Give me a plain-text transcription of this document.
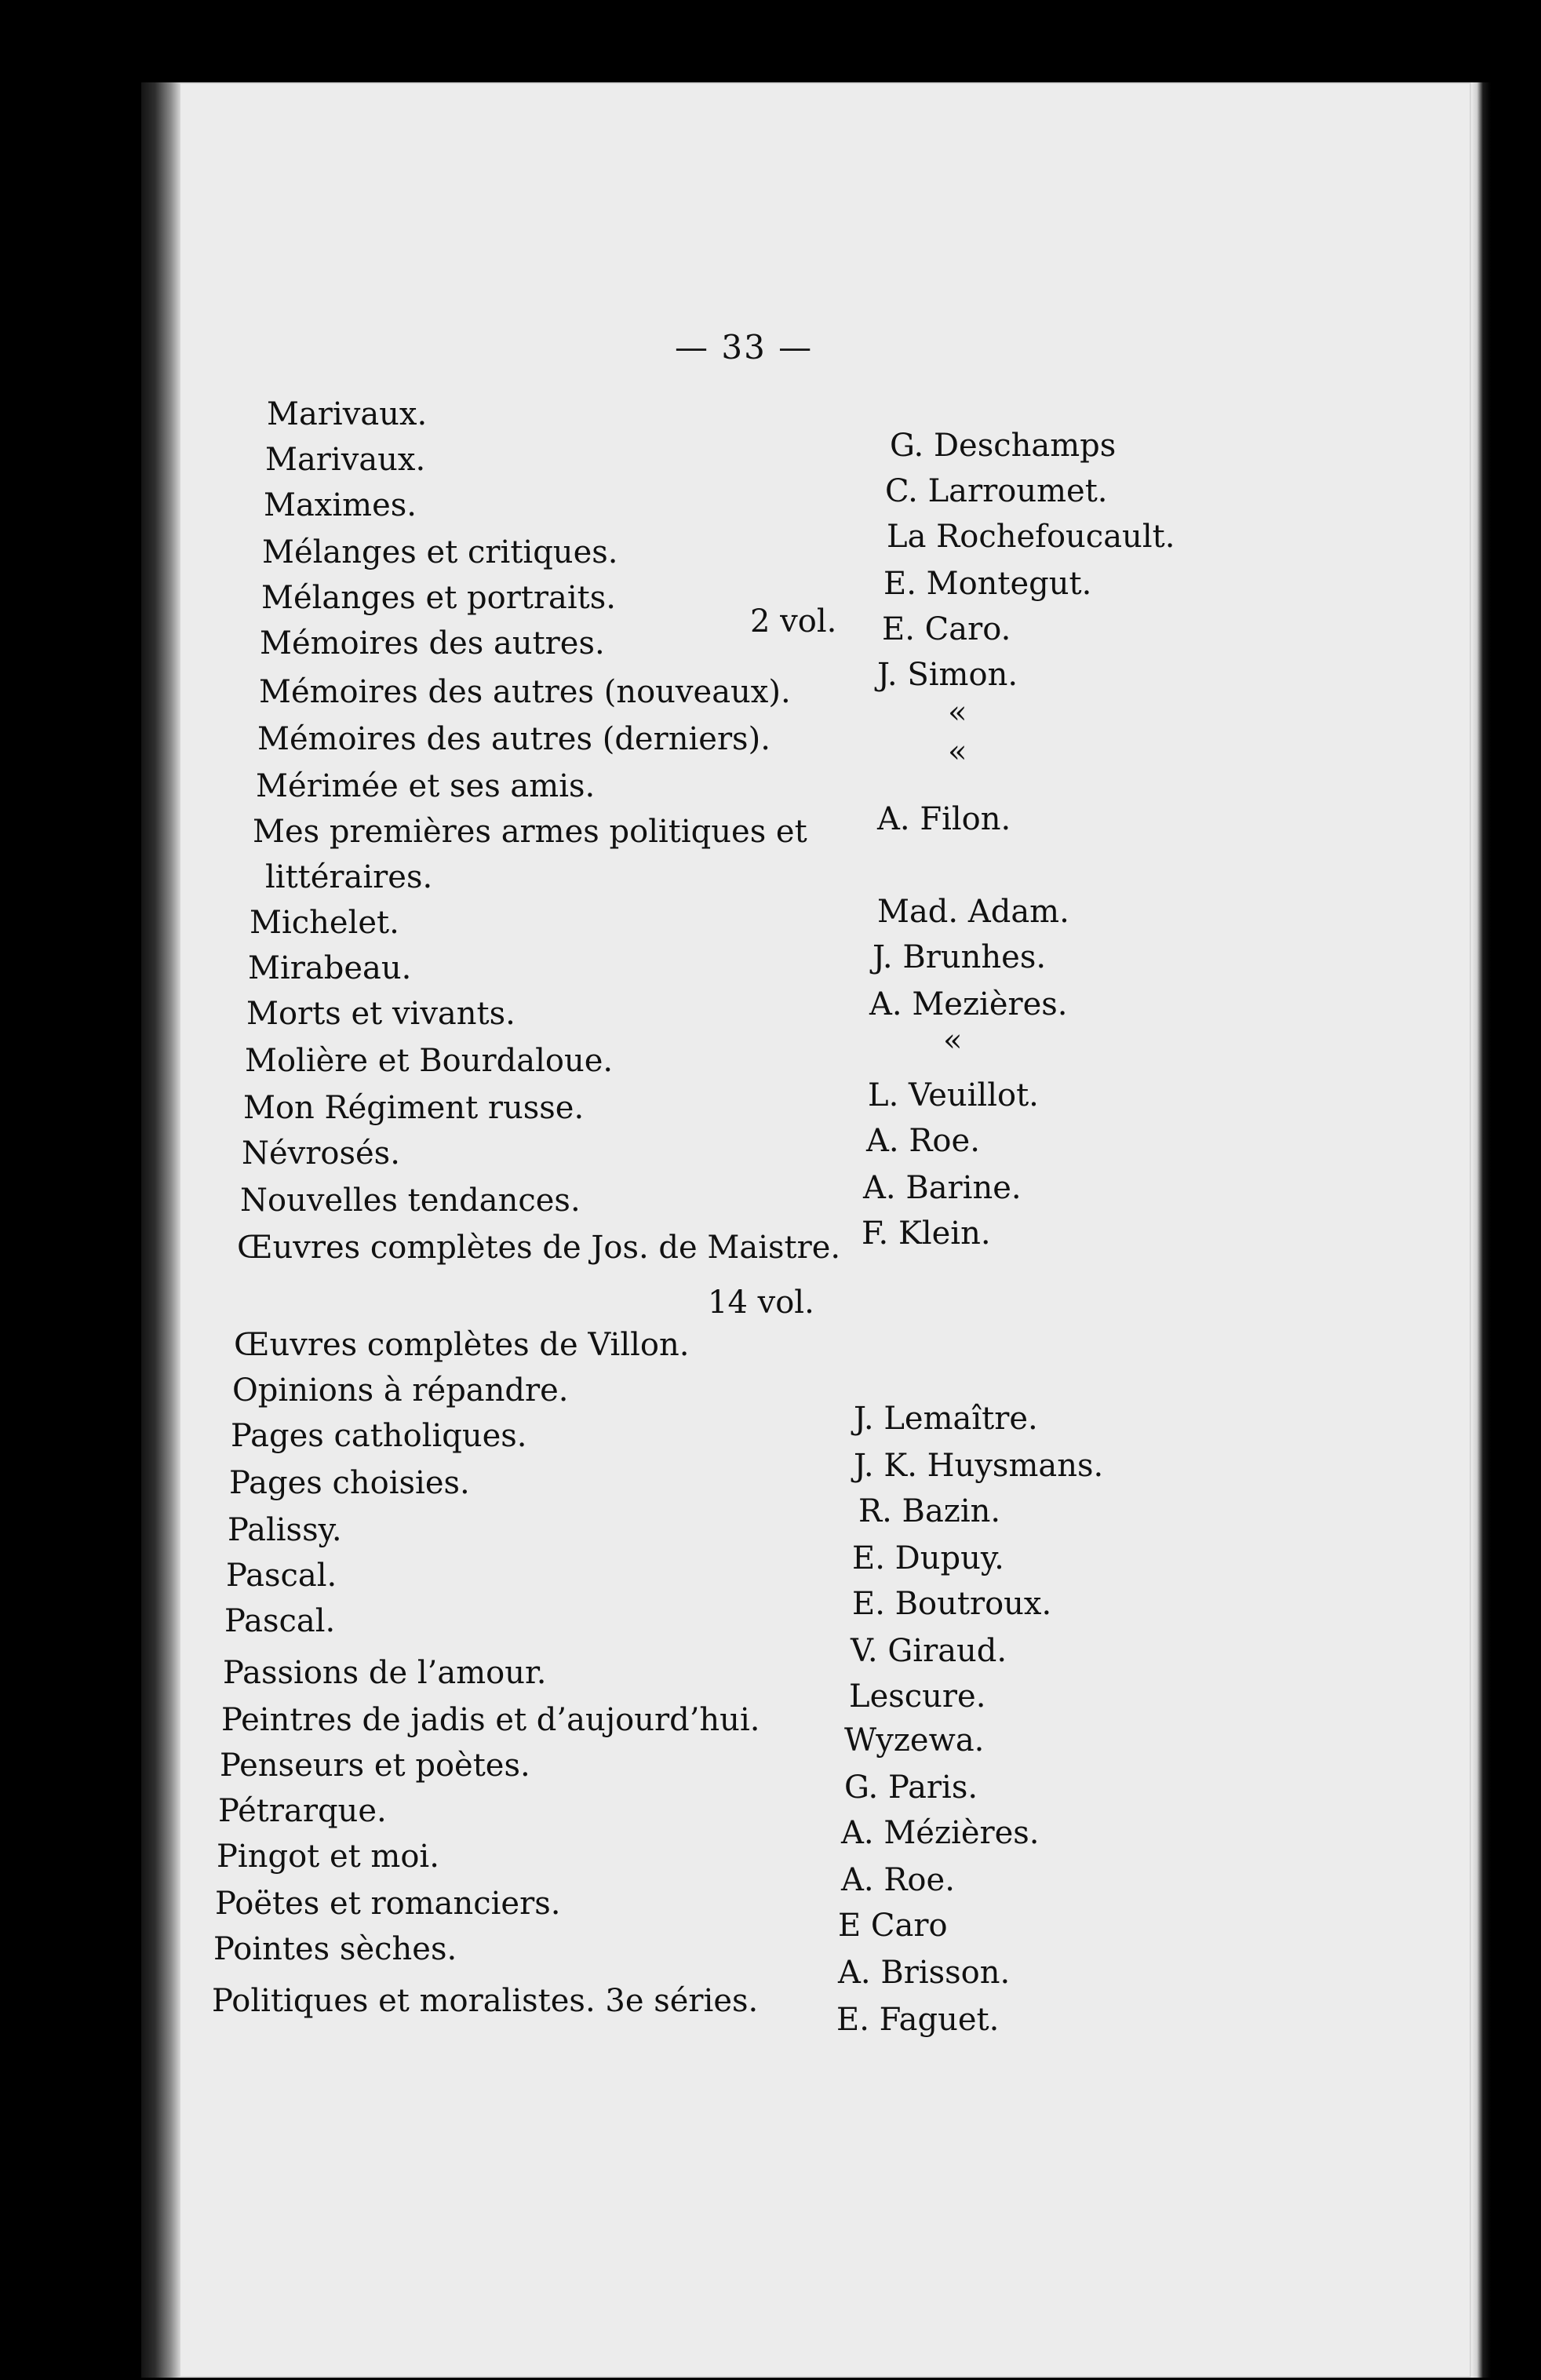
— 33 —
Marivaux.
Marivaux.
Maximes.
Mélanges et critiques.
Mélanges et portraits.
2 vol.
Mémoires des autres.
Mémoires des autres (nouveaux).
Mémoires des autres (derniers).
Mérimée et ses amis.
Mes premières armes politiques et
littéraires.
Michelet.
Mirabeau.
Morts et vivants.
Molière et Bourdaloue.
Mon Régiment russe.
Névrosés.
Nouvelles tendances.
Œuvres complètes de Jos. de Maistre.
14 vol.
Œuvres complètes de Villon.
Opinions à répandre.
Pages catholiques.
Pages choisies.
Palissy.
Pascal.
Pascal.
Passions de l’amour.
Peintres de jadis et d’aujourd’hui.
Penseurs et poètes.
Pétrarque.
Pingot et moi.
Poëtes et romanciers.
Pointes sèches.
Politiques et moralistes. 3e séries.
G. Deschamps
C. Larroumet.
La Rochefoucault.
E. Montegut.
E. Caro.
J. Simon.
«
«
A. Filon.
Mad. Adam.
J. Brunhes.
A. Mezières.
«
L. Veuillot.
A. Roe.
A. Barine.
F. Klein.
J. Lemaître.
J. K. Huysmans.
R. Bazin.
E. Dupuy.
E. Boutroux.
V. Giraud.
Lescure.
Wyzewa.
G. Paris.
A. Mézières.
A. Roe.
E Caro
A. Brisson.
E. Faguet.
